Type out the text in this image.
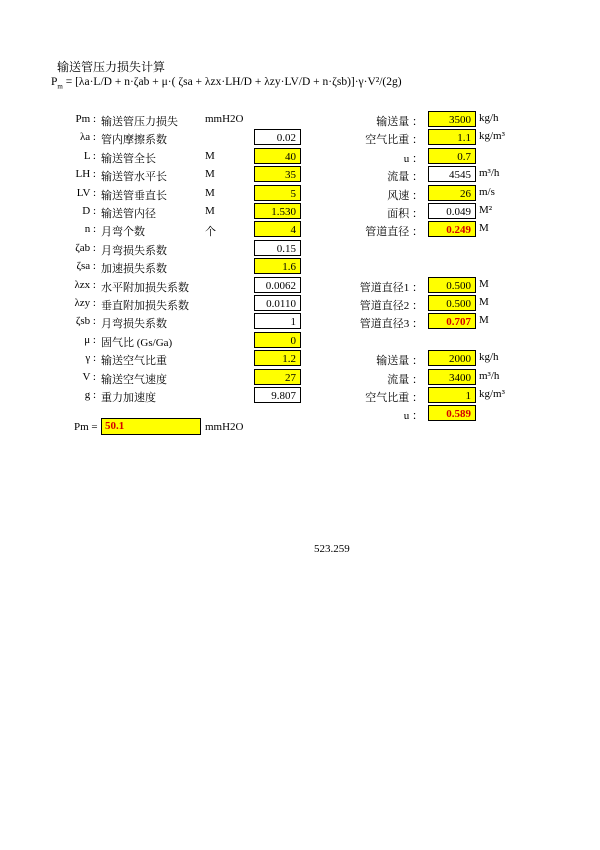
输送管压力损失计算
$P_m = [\lambda a\cdot L/D + n\cdot\zeta ab + \mu\cdot$( ζsa + λzx·LH/D + λzy·LV/D + n·ζsb)]·γ·V²/(2g)
Pm : 输送管压力损失 mmH2O
λa : 管内摩擦系数	0.02
L : 输送管全长	M	40
LH : 输送管水平长	M	35
LV : 输送管垂直长	M	5
D : 输送管内径	M	1.530
n : 月弯个数	个	4
ζab : 月弯损失系数	0.15
ζsa : 加速损失系数	1.6
λzx : 水平附加损失系数	0.0062
λzy : 垂直附加损失系数	0.0110
ζsb : 月弯损失系数	1
μ : 固气比 (Gs/Ga)	0
γ : 输送空气比重	1.2
V : 输送空气速度	27
g : 重力加速度	9.807
输送量 ：	3500 kg/h
空气比重 ：	1.1 kg/m³
u ：	0.7
流量 ：	4545 m³/h
风速 ：	26 m/s
面积 ：	0.049 M²
管道直径 ：	0.249 M
管道直径1 ：	0.500 M
管道直径2 ：	0.500 M
管道直径3 ：	0.707 M
输送量 ：	2000 kg/h
流量 ：	3400 m³/h
空气比重 ：	1 kg/m³
u ：	0.589
Pm = 50.1	mmH2O
523.259
